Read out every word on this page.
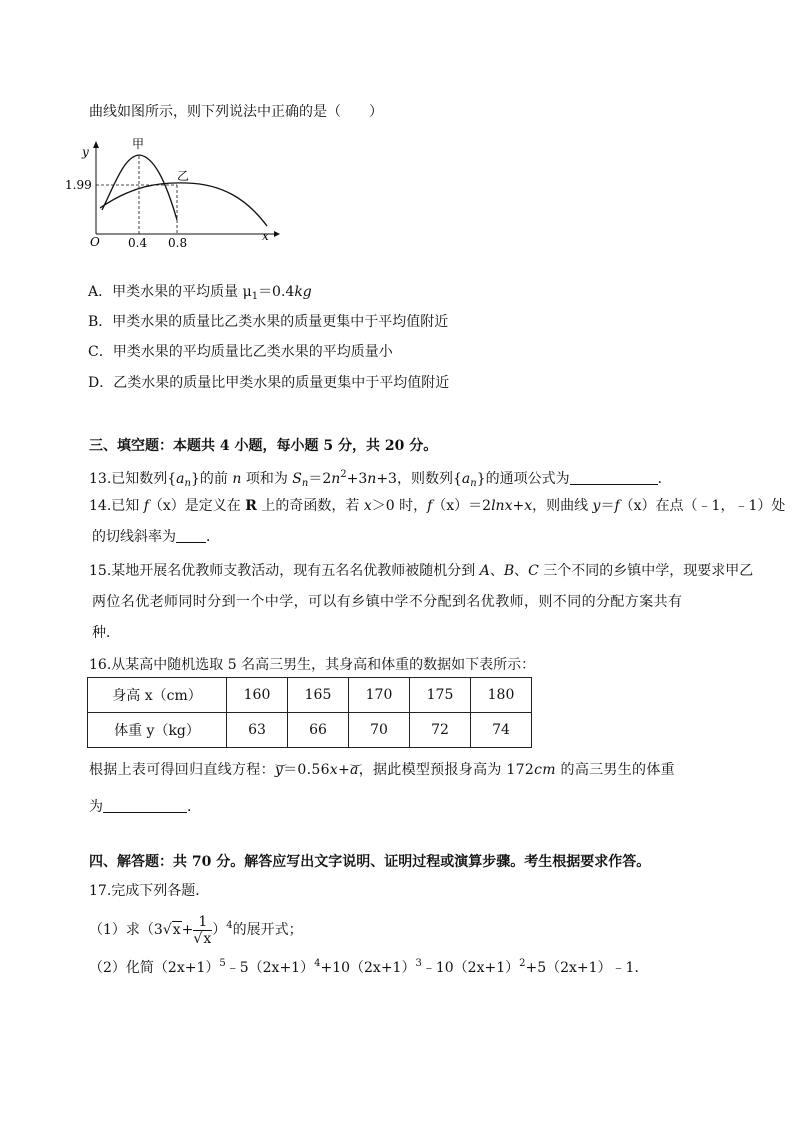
曲线如图所示，则下列说法中正确的是（　　）
y
x
O
1.99
0.4 0.8
甲
乙
A．甲类水果的平均质量 $\mu_1=0.4kg$
B．甲类水果的质量比乙类水果的质量更集中于平均值附近
C．甲类水果的平均质量比乙类水果的平均质量小
D．乙类水果的质量比甲类水果的质量更集中于平均值附近
三、填空题：本题共 4 小题，每小题 5 分，共 20 分。
13.已知数列$\{a_n\}$的前 n 项和为 $S_n=2n^2+3n+3$，则数列$\{a_n\}$的通项公式为	．
14.已知 f（x）是定义在 R 上的奇函数，若 x＞0 时，f（x）＝2lnx+x，则曲线 y＝f（x）在点（﹣1，﹣1）处
的切线斜率为 ．
15.某地开展名优教师支教活动，现有五名名优教师被随机分到 A、B、C 三个不同的乡镇中学，现要求甲乙
两位名优老师同时分到一个中学，可以有乡镇中学不分配到名优教师，则不同的分配方案共有
种．
16.从某高中随机选取 5 名高三男生，其身高和体重的数据如下表所示：
身高 x（cm）	160	165	170	175	180
体重 y（kg）	63	66	70	72	74
根据上表可得回归直线方程：⌒ y＝0.56x+⌒ a，据此模型预报身高为 172cm 的高三男生的体重
为	．
四、解答题：共 70 分。解答应写出文字说明、证明过程或演算步骤。考生根据要求作答。
17.完成下列各题．
（1）求$(3√x+ \frac{1}{√x} )^4$的展开式；
（2）化简$(2x+1)^5﹣5(2x+1)^4+10(2x+1)^3﹣10(2x+1)^2+5(2x+1)﹣1$．
